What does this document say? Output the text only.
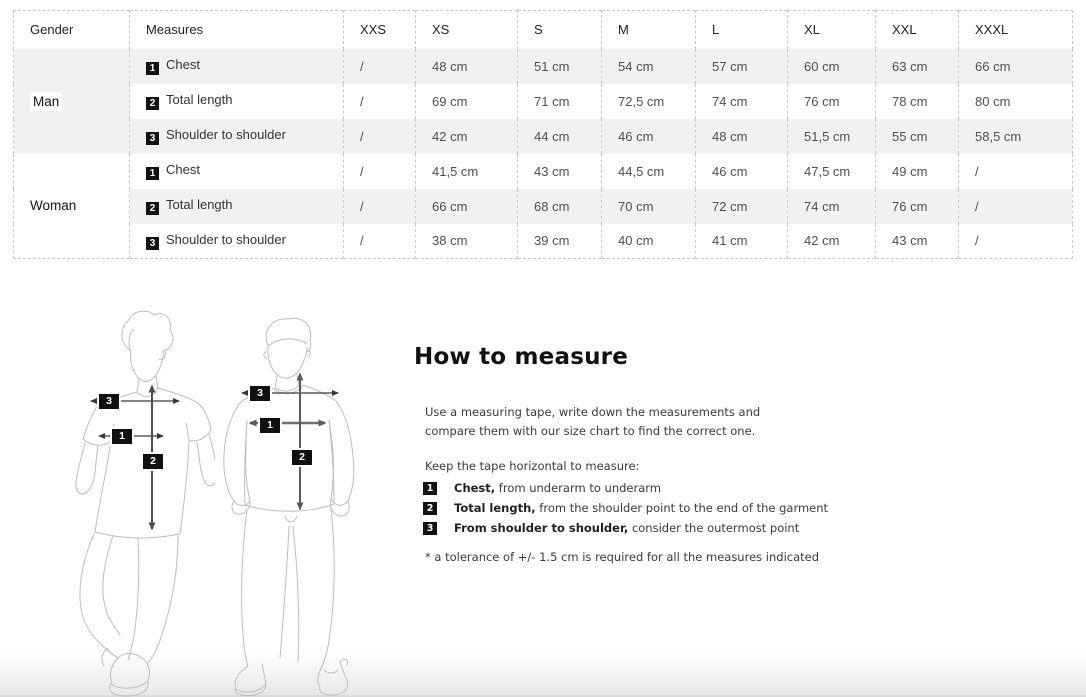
Gender	Measures	XXS	XS	S	M	L	XL	XXL	XXXL
Man	1 Chest	/	48 cm	51 cm	54 cm	57 cm	60 cm	63 cm	66 cm
	2 Total length	/	69 cm	71 cm	72,5 cm	74 cm	76 cm	78 cm	80 cm
	3 Shoulder to shoulder	/	42 cm	44 cm	46 cm	48 cm	51,5 cm	55 cm	58,5 cm
Woman	1 Chest	/	41,5 cm	43 cm	44,5 cm	46 cm	47,5 cm	49 cm	/
	2 Total length	/	66 cm	68 cm	70 cm	72 cm	74 cm	76 cm	/
	3 Shoulder to shoulder	/	38 cm	39 cm	40 cm	41 cm	42 cm	43 cm	/
3
1
2
3
1
2
How to measure

Use a measuring tape, write down the measurements and compare them with our size chart to find the correct one.

Keep the tape horizontal to measure:

1	Chest, from underarm to underarm
2	Total length, from the shoulder point to the end of the garment
3	From shoulder to shoulder, consider the outermost point

* a tolerance of +/- 1.5 cm is required for all the measures indicated
